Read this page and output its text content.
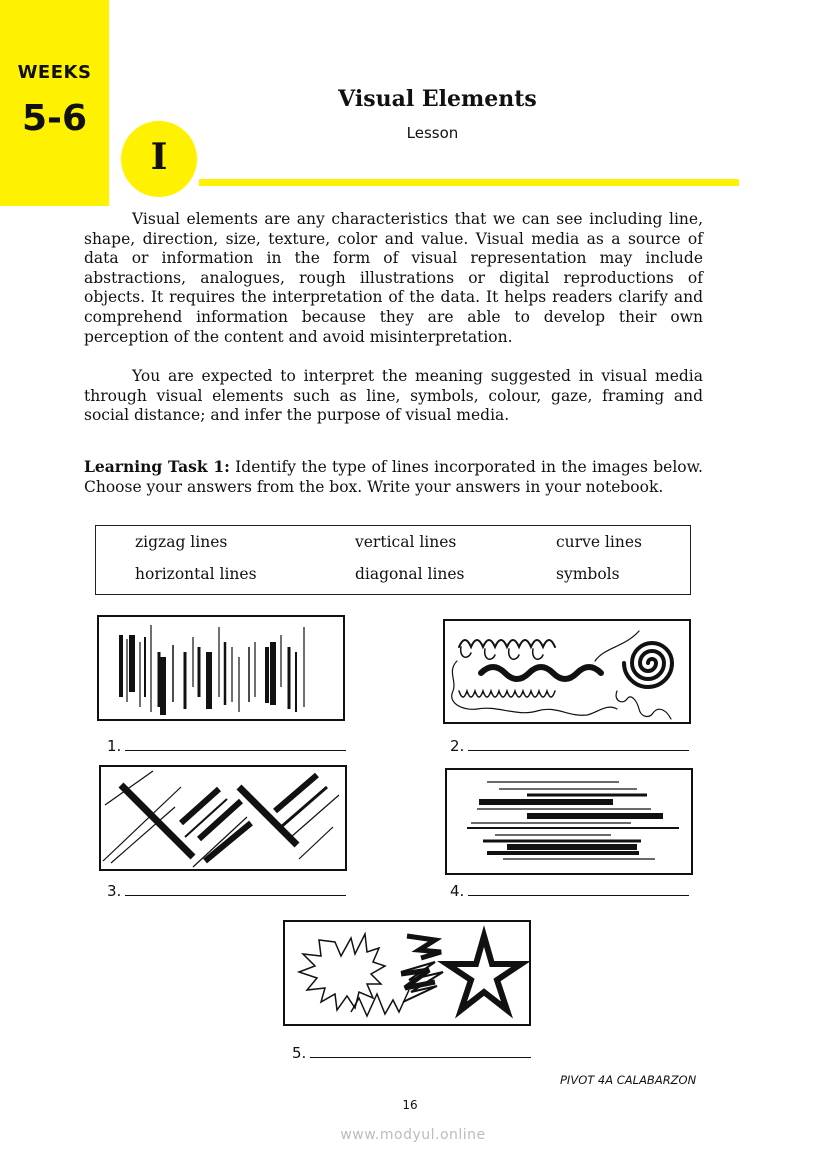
WEEKS
5-6
I
Visual Elements
Lesson
Visual elements are any characteristics that we can see including line, shape, direction, size, texture, color and value. Visual media as a source of data or information in the form of visual representation may include abstractions, analogues, rough illustrations or digital reproductions of objects. It requires the interpretation of the data. It helps readers clarify and comprehend information because they are able to develop their own perception of the content and avoid misinterpretation.
You are expected to interpret the meaning suggested in visual media through visual elements such as line, symbols, colour, gaze, framing and social distance; and infer the purpose of visual media.
Learning Task 1: Identify the type of lines incorporated in the images below. Choose your answers from the box. Write your answers in your notebook.
zigzag lines	vertical lines	curve lines
horizontal lines	diagonal lines	symbols
1.	2.
3.	4.
5.
PIVOT 4A CALABARZON
16
www.modyul.online
